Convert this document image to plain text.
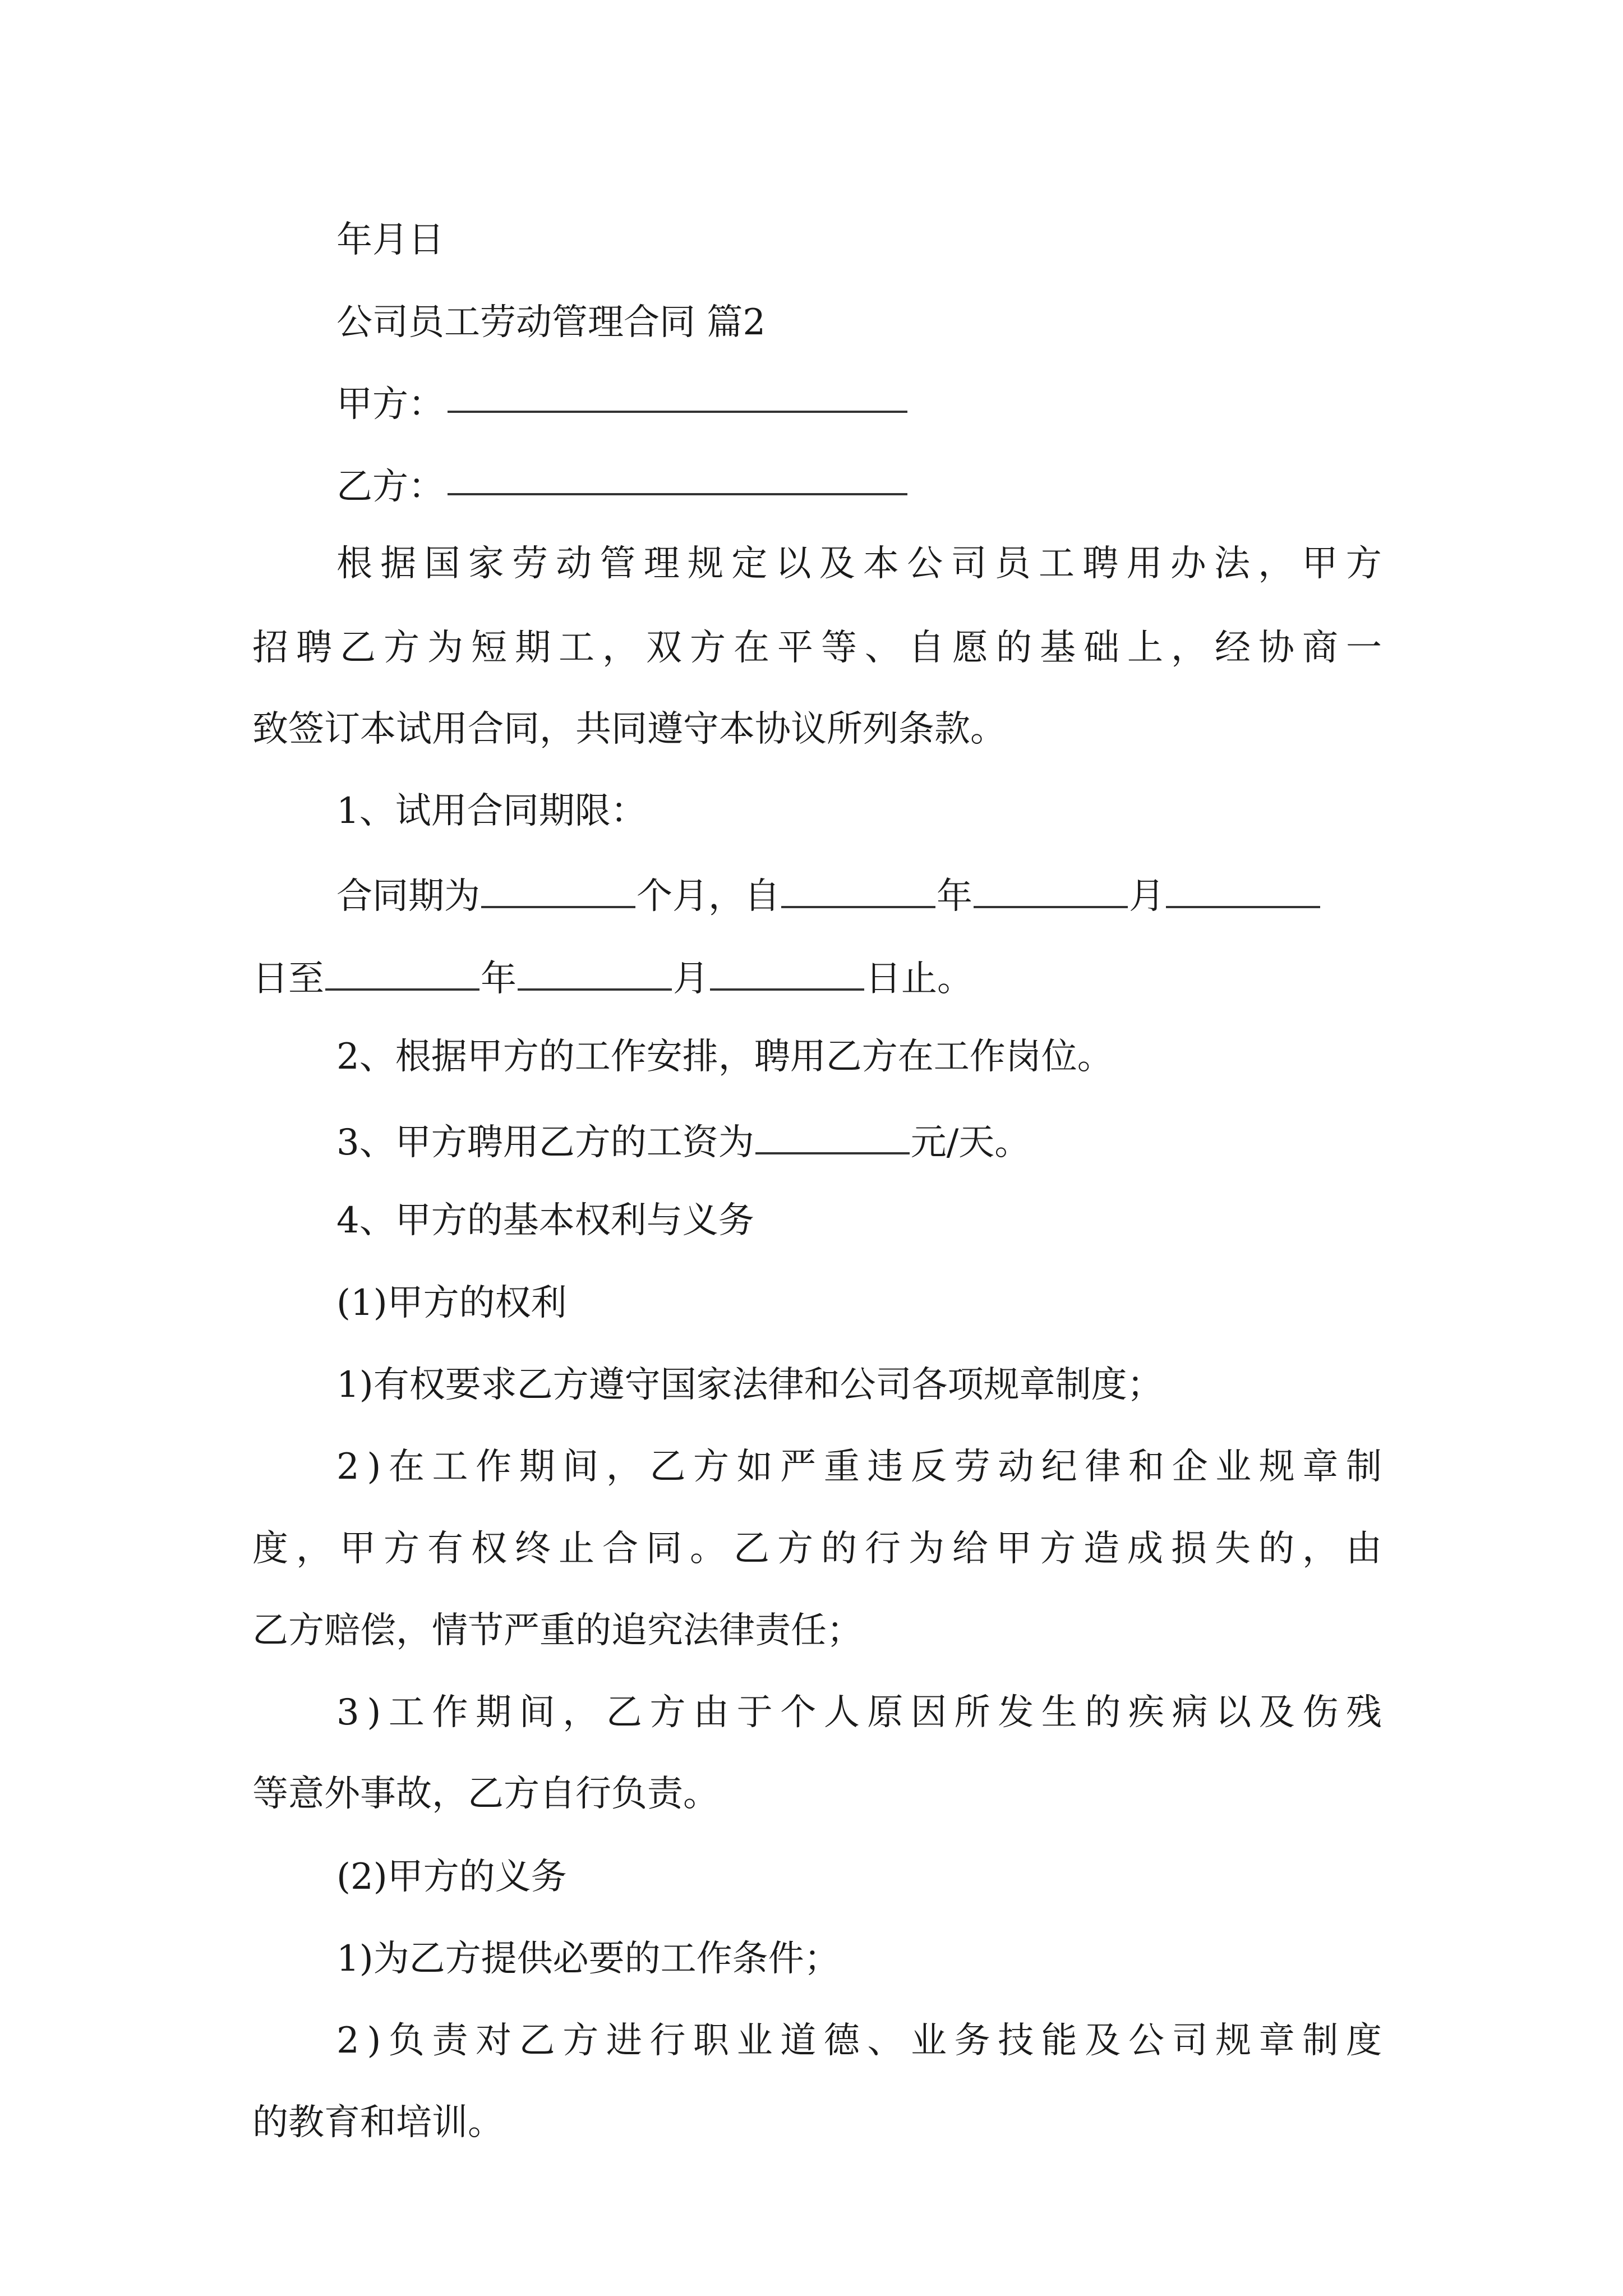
年月日
公司员工劳动管理合同 篇2
甲方：
乙方：
根 据 国 家 劳 动 管 理 规 定 以 及 本 公 司 员 工 聘 用 办 法 ， 甲 方
招 聘 乙 方 为 短 期 工 ， 双 方 在 平 等 、 自 愿 的 基 础 上 ， 经 协 商 一
致签订本试用合同，共同遵守本协议所列条款。
1、试用合同期限：
合同期为	个月，自	年	月
日至	年	月	日止。
2、根据甲方的工作安排，聘用乙方在工作岗位。
3、甲方聘用乙方的工资为	元/天。
4、甲方的基本权利与义务
(1)甲方的权利
1)有权要求乙方遵守国家法律和公司各项规章制度；
2 ) 在 工 作 期 间 ， 乙 方 如 严 重 违 反 劳 动 纪 律 和 企 业 规 章 制
度 ， 甲 方 有 权 终 止 合 同 。 乙 方 的 行 为 给 甲 方 造 成 损 失 的 ， 由
乙方赔偿，情节严重的追究法律责任；
3 ) 工 作 期 间 ， 乙 方 由 于 个 人 原 因 所 发 生 的 疾 病 以 及 伤 残
等意外事故，乙方自行负责。
(2)甲方的义务
1)为乙方提供必要的工作条件；
2 ) 负 责 对 乙 方 进 行 职 业 道 德 、 业 务 技 能 及 公 司 规 章 制 度
的教育和培训。
